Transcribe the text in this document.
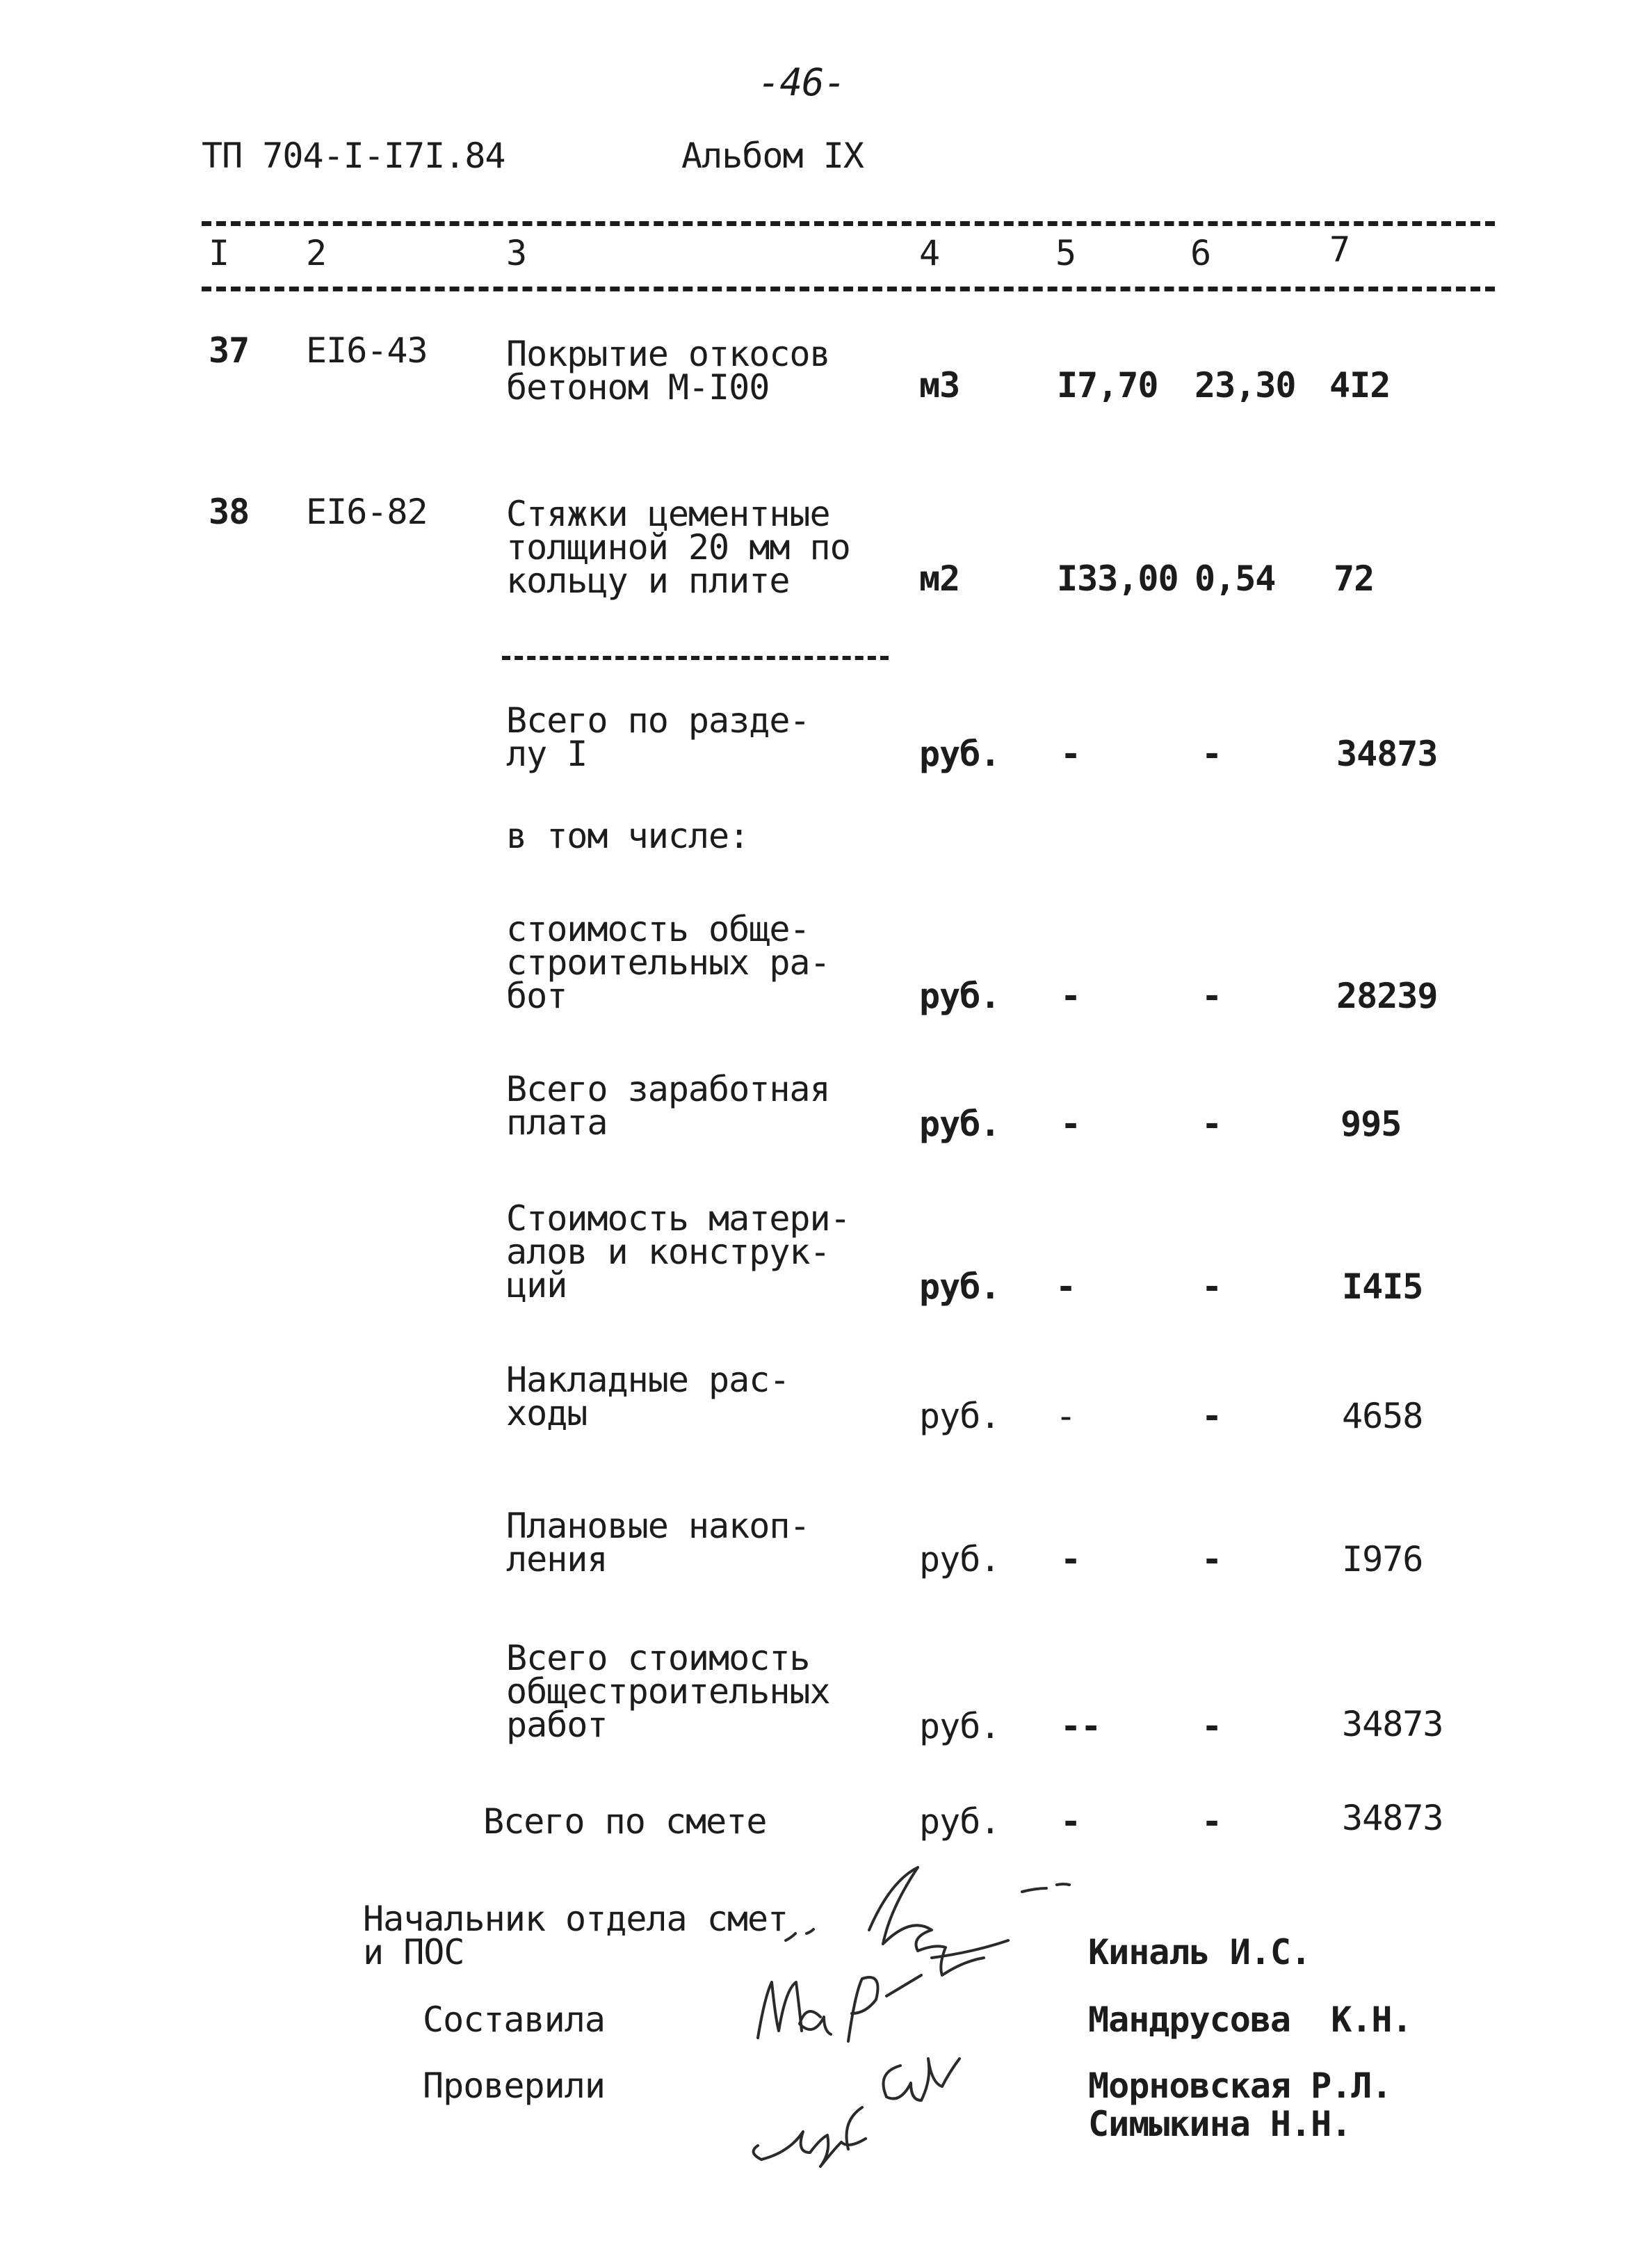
-46-
ТП 704-I-I7I.84	Альбом IX
I 2	3	4	5	6	7
37 EI6-43 Покрытие откосов
бетоном М-I00	м3	I7,70 23,30 4I2
38 EI6-82 Стяжки цементные
толщиной 20 мм по
кольцу и плите	м2	I33,00 0,54 72
Всего по разде-
лу I	руб. -	-	34873
в том числе:
стоимость обще-
строительных ра-
бот	руб. -	-	28239
Всего заработная
плата	руб. -	-	995
Стоимость матери-
алов и конструк-
ций	руб. -	-	I4I5
Накладные рас-
ходы	руб. -	-	4658
Плановые накоп-
ления	руб. -	-	I976
Всего стоимость
общестроительных
работ	руб. --	-	34873
Всего по смете	руб. -	-	34873
Начальник отдела смет
и ПОС	Киналь И.С.
Составила	Мандрусова  К.Н.
Проверили	Морновская Р.Л.
Симыкина Н.Н.
